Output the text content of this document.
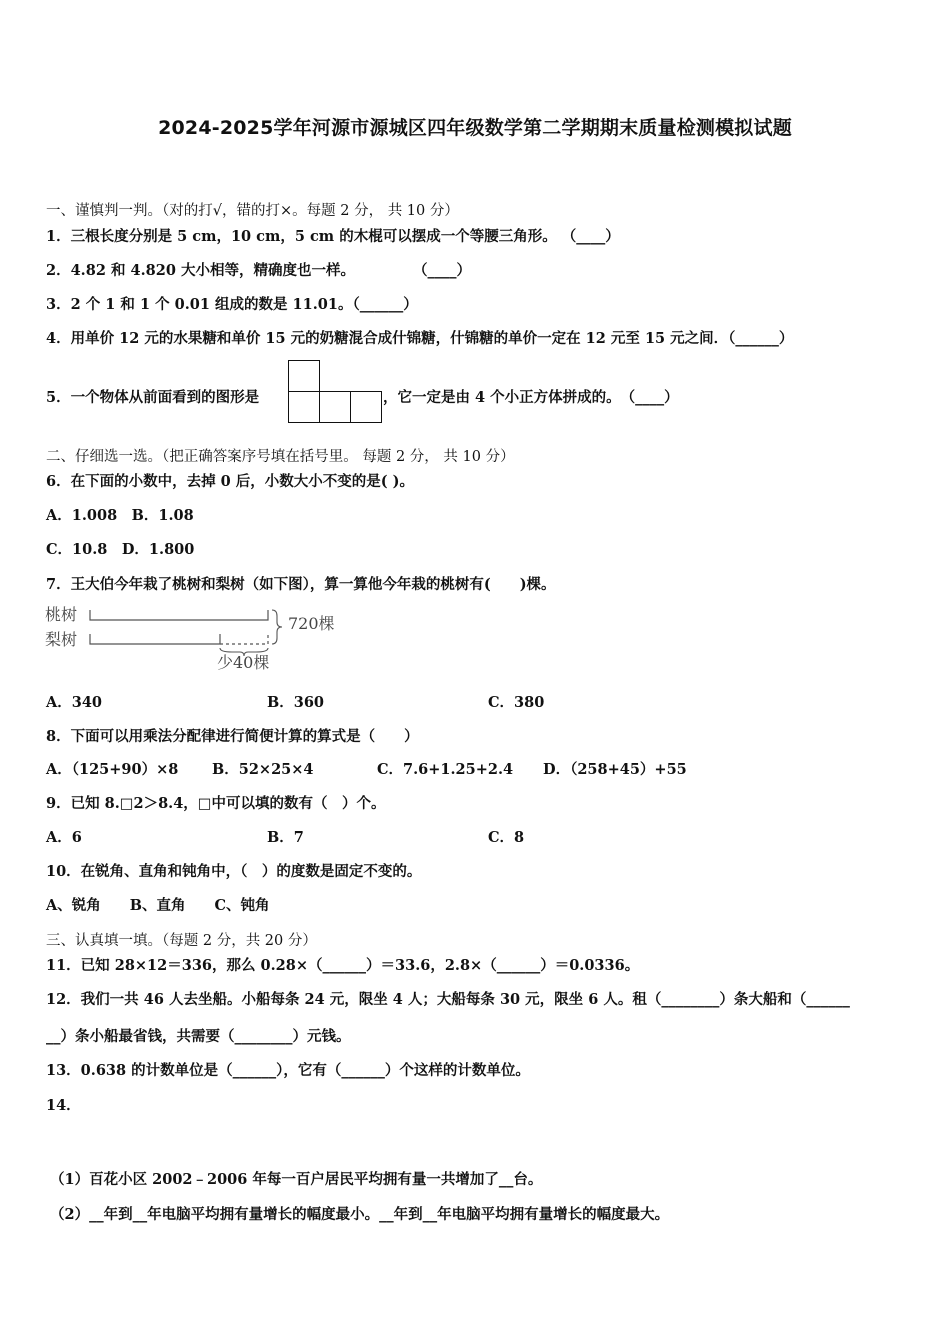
2024-2025学年河源市源城区四年级数学第二学期期末质量检测模拟试题
一、谨慎判一判。（对的打√，错的打×。每题 2 分， 共 10 分）
1．三根长度分别是 5 cm，10 cm，5 cm 的木棍可以摆成一个等腰三角形。 （____）
2．4.82 和 4.820 大小相等，精确度也一样。　　　　　（____）
3．2 个 1 和 1 个 0.01 组成的数是 11.01。（______）
4．用单价 12 元的水果糖和单价 15 元的奶糖混合成什锦糖，什锦糖的单价一定在 12 元至 15 元之间．（______）
5．一个物体从前面看到的图形是	，它一定是由 4 个小正方体拼成的。　（____）
二、仔细选一选。（把正确答案序号填在括号里。 每题 2 分， 共 10 分）
6．在下面的小数中，去掉 0 后，小数大小不变的是( )。
A．1.008　B．1.08
C．10.8　D．1.800
7．王大伯今年栽了桃树和梨树（如下图），算一算他今年栽的桃树有(　　)棵。
桃树
梨树
720棵
少40棵
A．340	B．360	C．380
8．下面可以用乘法分配律进行简便计算的算式是（　　）
A．（125+90）×8 B．52×25×4	C．7.6+1.25+2.4 D．（258+45）+55
9．已知 8.□2＞8.4，□中可以填的数有（　）个。
A．6	B．7	C．8
10．在锐角、直角和钝角中，（　）的度数是固定不变的。
A、锐角　　B、直角　　C、钝角
三、认真填一填。（每题 2 分，共 20 分）
11．已知 28×12＝336，那么 0.28×（______）＝33.6，2.8×（______）＝0.0336。
12．我们一共 46 人去坐船。小船每条 24 元，限坐 4 人；大船每条 30 元，限坐 6 人。租（________）条大船和（______
__）条小船最省钱，共需要（________）元钱。
13．0.638 的计数单位是（______），它有（______）个这样的计数单位。
14．
（1）百花小区 2002﹣2006 年每一百户居民平均拥有量一共增加了__台。
（2）__年到__年电脑平均拥有量增长的幅度最小。__年到__年电脑平均拥有量增长的幅度最大。
